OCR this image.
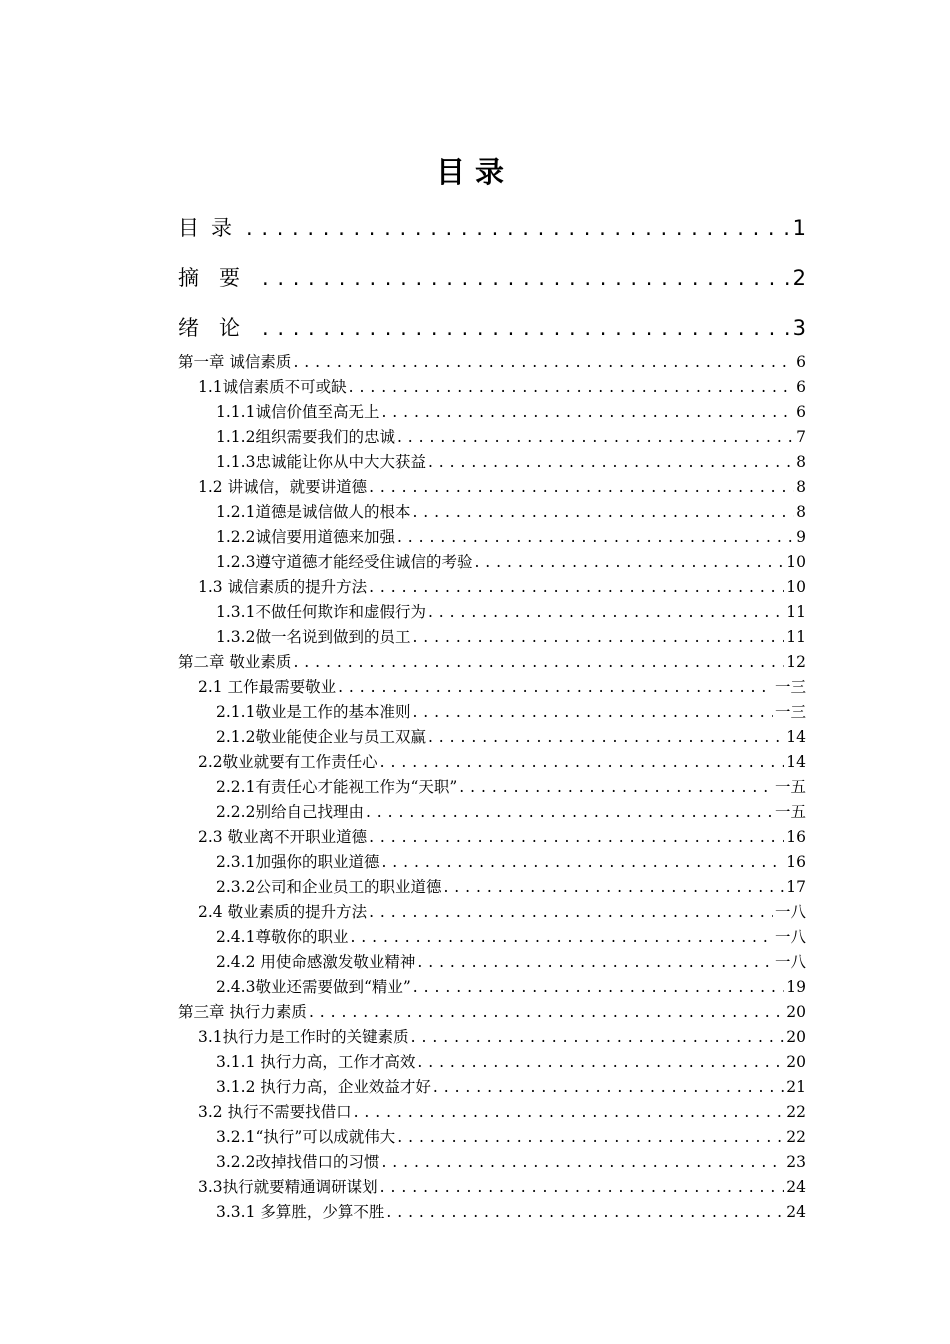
目录
目录 . . .	1
摘要 . . .	2
绪论 . . .	3
第一章 诚信素质 . . .	6
1.1诚信素质不可或缺 . . .	6
1.1.1诚信价值至高无上 . . .	6
1.1.2组织需要我们的忠诚 . . .	7
1.1.3忠诚能让你从中大大获益 . . .	8
1.2 讲诚信，就要讲道德 . . .	8
1.2.1道德是诚信做人的根本 . . .	8
1.2.2诚信要用道德来加强 . . .	9
1.2.3遵守道德才能经受住诚信的考验 . . .	10
1.3 诚信素质的提升方法 . . .	10
1.3.1不做任何欺诈和虚假行为 . . .	11
1.3.2做一名说到做到的员工 . . .	11
第二章 敬业素质 . . .	12
2.1 工作最需要敬业 . . .	一三
2.1.1敬业是工作的基本准则 . . .	一三
2.1.2敬业能使企业与员工双赢 . . .	14
2.2敬业就要有工作责任心 . . .	14
2.2.1有责任心才能视工作为“天职” . . .	一五
2.2.2别给自己找理由 . . .	一五
2.3 敬业离不开职业道德 . . .	16
2.3.1加强你的职业道德 . . .	16
2.3.2公司和企业员工的职业道德 . . .	17
2.4 敬业素质的提升方法 . . .	一八
2.4.1尊敬你的职业 . . .	一八
2.4.2 用使命感激发敬业精神 . . .	一八
2.4.3敬业还需要做到“精业” . . .	19
第三章 执行力素质 . . .	20
3.1执行力是工作时的关键素质 . . .	20
3.1.1 执行力高，工作才高效 . . .	20
3.1.2 执行力高，企业效益才好 . . .	21
3.2 执行不需要找借口 . . .	22
3.2.1“执行”可以成就伟大 . . .	22
3.2.2改掉找借口的习惯 . . .	23
3.3执行就要精通调研谋划 . . .	24
3.3.1 多算胜，少算不胜 . . .	24
